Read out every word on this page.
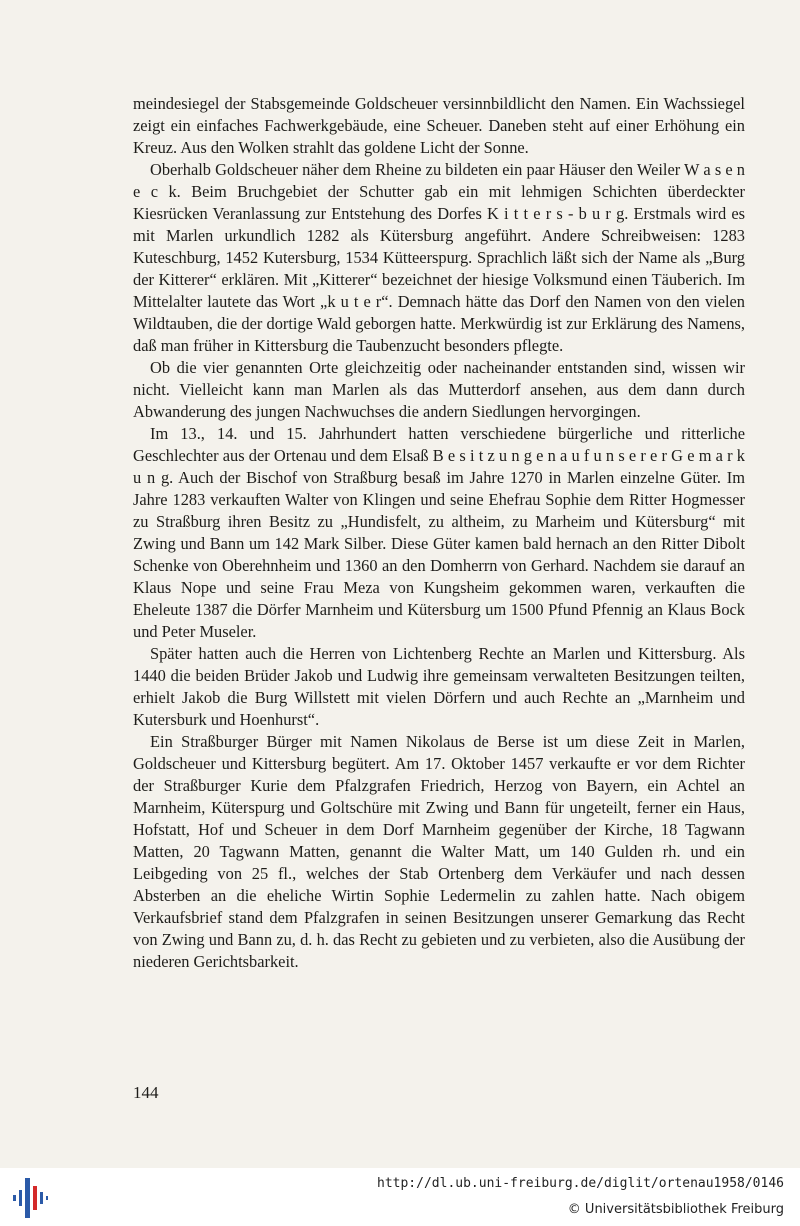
meindesiegel der Stabsgemeinde Goldscheuer versinnbildlicht den Namen. Ein Wachssiegel zeigt ein einfaches Fachwerkgebäude, eine Scheuer. Daneben steht auf einer Erhöhung ein Kreuz. Aus den Wolken strahlt das goldene Licht der Sonne.

Oberhalb Goldscheuer näher dem Rheine zu bildeten ein paar Häuser den Weiler W a s e n e c k. Beim Bruchgebiet der Schutter gab ein mit lehmigen Schichten überdeckter Kiesrücken Veranlassung zur Entstehung des Dorfes K i t t e r s - b u r g. Erstmals wird es mit Marlen urkundlich 1282 als Kütersburg angeführt. Andere Schreibweisen: 1283 Kuteschburg, 1452 Kutersburg, 1534 Kütteerspurg. Sprachlich läßt sich der Name als „Burg der Kitterer“ erklären. Mit „Kitterer“ bezeichnet der hiesige Volksmund einen Täuberich. Im Mittelalter lautete das Wort „k u t e r“. Demnach hätte das Dorf den Namen von den vielen Wildtauben, die der dortige Wald geborgen hatte. Merkwürdig ist zur Erklärung des Namens, daß man früher in Kittersburg die Taubenzucht besonders pflegte.

Ob die vier genannten Orte gleichzeitig oder nacheinander entstanden sind, wissen wir nicht. Vielleicht kann man Marlen als das Mutterdorf ansehen, aus dem dann durch Abwanderung des jungen Nachwuchses die andern Siedlungen hervorgingen.

Im 13., 14. und 15. Jahrhundert hatten verschiedene bürgerliche und ritterliche Geschlechter aus der Ortenau und dem Elsaß B e s i t z u n g e n a u f u n s e r e r G e m a r k u n g. Auch der Bischof von Straßburg besaß im Jahre 1270 in Marlen einzelne Güter. Im Jahre 1283 verkauften Walter von Klingen und seine Ehefrau Sophie dem Ritter Hogmesser zu Straßburg ihren Besitz zu „Hundisfelt, zu altheim, zu Marheim und Kütersburg“ mit Zwing und Bann um 142 Mark Silber. Diese Güter kamen bald hernach an den Ritter Dibolt Schenke von Oberehnheim und 1360 an den Domherrn von Gerhard. Nachdem sie darauf an Klaus Nope und seine Frau Meza von Kungsheim gekommen waren, verkauften die Eheleute 1387 die Dörfer Marnheim und Kütersburg um 1500 Pfund Pfennig an Klaus Bock und Peter Museler.

Später hatten auch die Herren von Lichtenberg Rechte an Marlen und Kittersburg. Als 1440 die beiden Brüder Jakob und Ludwig ihre gemeinsam verwalteten Besitzungen teilten, erhielt Jakob die Burg Willstett mit vielen Dörfern und auch Rechte an „Marnheim und Kutersburk und Hoenhurst“.

Ein Straßburger Bürger mit Namen Nikolaus de Berse ist um diese Zeit in Marlen, Goldscheuer und Kittersburg begütert. Am 17. Oktober 1457 verkaufte er vor dem Richter der Straßburger Kurie dem Pfalzgrafen Friedrich, Herzog von Bayern, ein Achtel an Marnheim, Küterspurg und Goltschüre mit Zwing und Bann für ungeteilt, ferner ein Haus, Hofstatt, Hof und Scheuer in dem Dorf Marnheim gegenüber der Kirche, 18 Tagwann Matten, 20 Tagwann Matten, genannt die Walter Matt, um 140 Gulden rh. und ein Leibgeding von 25 fl., welches der Stab Ortenberg dem Verkäufer und nach dessen Absterben an die eheliche Wirtin Sophie Ledermelin zu zahlen hatte. Nach obigem Verkaufsbrief stand dem Pfalzgrafen in seinen Besitzungen unserer Gemarkung das Recht von Zwing und Bann zu, d. h. das Recht zu gebieten und zu verbieten, also die Ausübung der niederen Gerichtsbarkeit.

144
http://dl.ub.uni-freiburg.de/diglit/ortenau1958/0146
© Universitätsbibliothek Freiburg
